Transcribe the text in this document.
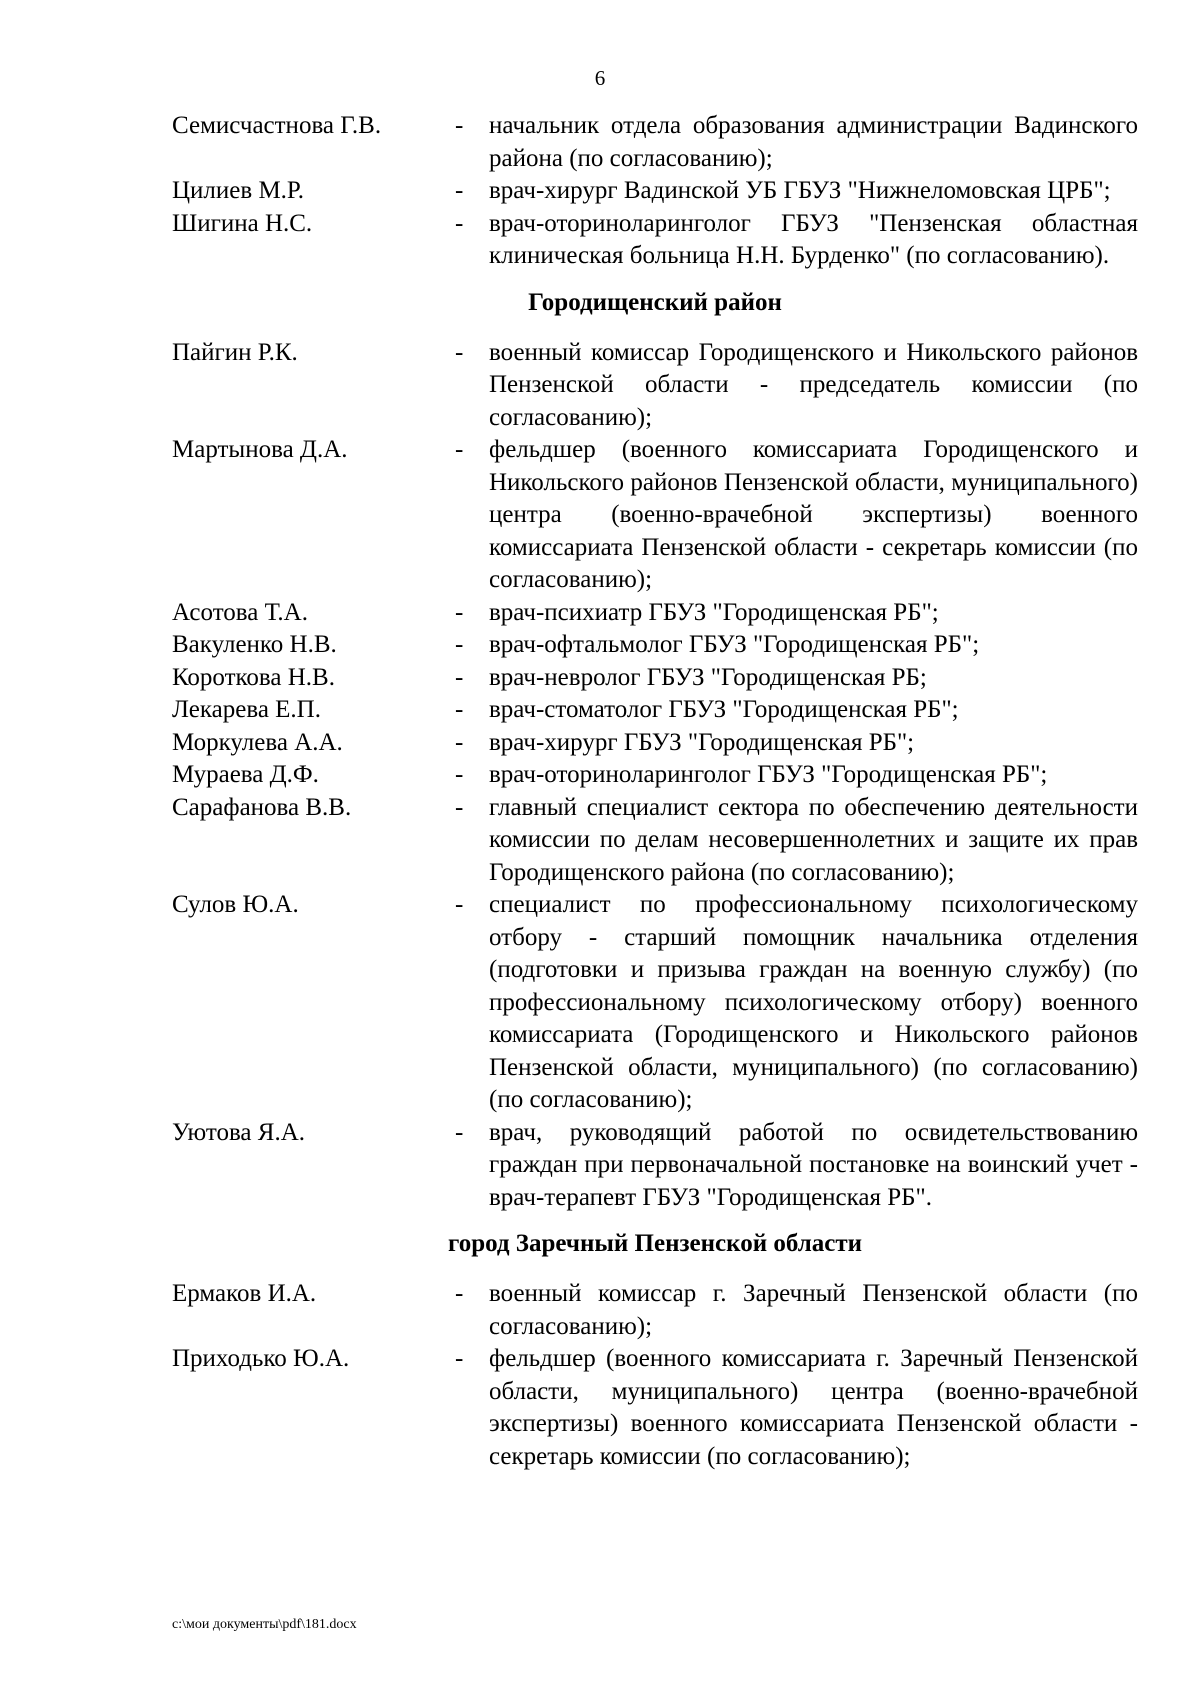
6
Семисчастнова Г.В.	-	начальник отдела образования администрации Вадинского района (по согласованию);
Цилиев М.Р.	-	врач-хирург Вадинской УБ ГБУЗ "Нижнеломовская ЦРБ";
Шигина Н.С.	-	врач-оториноларинголог ГБУЗ "Пензенская областная клиническая больница Н.Н. Бурденко" (по согласованию).
Городищенский район
Пайгин Р.К.	-	военный комиссар Городищенского и Никольского районов Пензенской области - председатель комиссии (по согласованию);
Мартынова Д.А.	-	фельдшер (военного комиссариата Городищенского и Никольского районов Пензенской области, муниципального) центра (военно-врачебной экспертизы) военного комиссариата Пензенской области - секретарь комиссии (по согласованию);
Асотова Т.А.	-	врач-психиатр ГБУЗ "Городищенская РБ";
Вакуленко Н.В.	-	врач-офтальмолог ГБУЗ "Городищенская РБ";
Короткова Н.В.	-	врач-невролог ГБУЗ "Городищенская РБ;
Лекарева Е.П.	-	врач-стоматолог ГБУЗ "Городищенская РБ";
Моркулева А.А.	-	врач-хирург ГБУЗ "Городищенская РБ";
Мураева Д.Ф.	-	врач-оториноларинголог ГБУЗ "Городищенская РБ";
Сарафанова В.В.	-	главный специалист сектора по обеспечению деятельности комиссии по делам несовершеннолетних и защите их прав Городищенского района (по согласованию);
Сулов Ю.А.	-	специалист по профессиональному психологическому отбору - старший помощник начальника отделения (подготовки и призыва граждан на военную службу) (по профессиональному психологическому отбору) военного комиссариата (Городищенского и Никольского районов Пензенской области, муниципального) (по согласованию) (по согласованию);
Уютова Я.А.	-	врач, руководящий работой по освидетельствованию граждан при первоначальной постановке на воинский учет - врач-терапевт ГБУЗ "Городищенская РБ".
город Заречный Пензенской области
Ермаков И.А.	-	военный комиссар г. Заречный Пензенской области (по согласованию);
Приходько Ю.А.	-	фельдшер (военного комиссариата г. Заречный Пензенской области, муниципального) центра (военно-врачебной экспертизы) военного комиссариата Пензенской области - секретарь комиссии (по согласованию);
c:\мои документы\pdf\181.docx
